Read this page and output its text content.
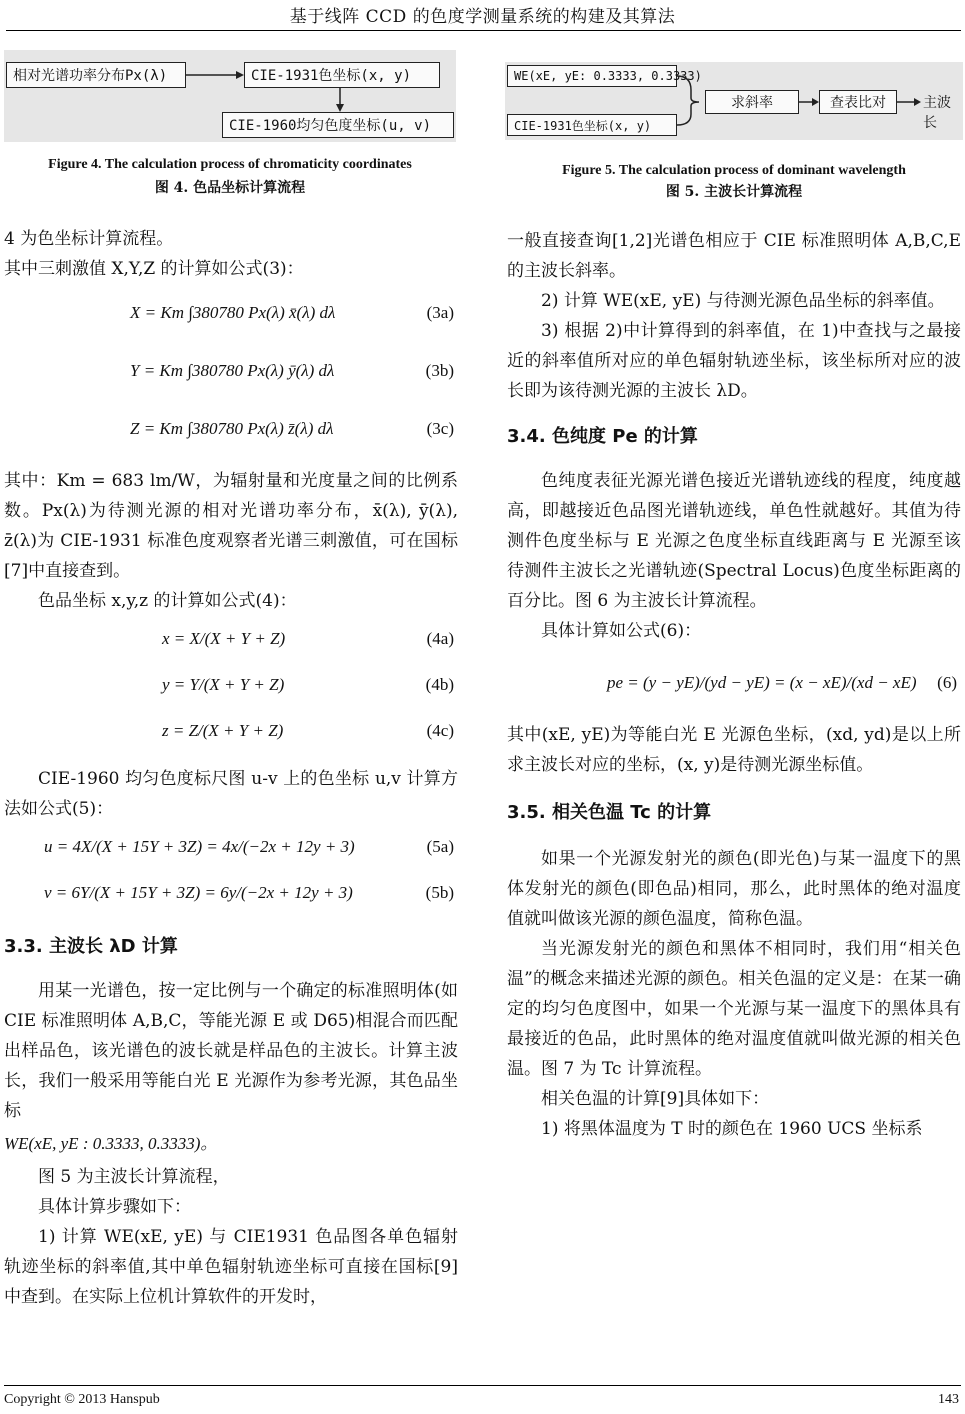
基于线阵 CCD 的色度学测量系统的构建及其算法
相对光谱功率分布Px(λ)	CIE-1931色坐标(x, y)
CIE-1960均匀色度坐标(u, v)
Figure 4. The calculation process of chromaticity coordinates
图 4. 色品坐标计算流程
WE(xE, yE: 0.3333, 0.3333)
CIE-1931色坐标(x, y)
求斜率	查表比对	主波长
Figure 5. The calculation process of dominant wavelength
图 5. 主波长计算流程

4 为色坐标计算流程。

其中三刺激值 X,Y,Z 的计算如公式(3)：

X = Km ∫380780 Px(λ) x̄(λ) dλ	(3a)
Y = Km ∫380780 Px(λ) ȳ(λ) dλ	(3b)
Z = Km ∫380780 Px(λ) z̄(λ) dλ	(3c)

其中：Km = 683 lm/W，为辐射量和光度量之间的比例系数。Px(λ)为待测光源的相对光谱功率分布，x̄(λ), ȳ(λ), z̄(λ)为 CIE-1931 标准色度观察者光谱三刺激值，可在国标[7]中直接查到。

色品坐标 x,y,z 的计算如公式(4)：

x = X/(X + Y + Z)	(4a)
y = Y/(X + Y + Z)	(4b)
z = Z/(X + Y + Z)	(4c)

CIE-1960 均匀色度标尺图 u-v 上的色坐标 u,v 计算方法如公式(5)：

u = 4X/(X + 15Y + 3Z) = 4x/(−2x + 12y + 3)	(5a)
v = 6Y/(X + 15Y + 3Z) = 6y/(−2x + 12y + 3)	(5b)

3.3. 主波长 λD 计算

用某一光谱色，按一定比例与一个确定的标准照明体(如 CIE 标准照明体 A,B,C，等能光源 E 或 D65)相混合而匹配出样品色，该光谱色的波长就是样品色的主波长。计算主波长，我们一般采用等能白光 E 光源作为参考光源，其色品坐标

WE(xE, yE : 0.3333, 0.3333)。

图 5 为主波长计算流程，

具体计算步骤如下：

1) 计算 WE(xE, yE) 与 CIE1931 色品图各单色辐射轨迹坐标的斜率值,其中单色辐射轨迹坐标可直接在国标[9]中查到。在实际上位机计算软件的开发时，

一般直接查询[1,2]光谱色相应于 CIE 标准照明体 A,B,C,E 的主波长斜率。

2) 计算 WE(xE, yE) 与待测光源色品坐标的斜率值。

3) 根据 2)中计算得到的斜率值，在 1)中查找与之最接近的斜率值所对应的单色辐射轨迹坐标，该坐标所对应的波长即为该待测光源的主波长 λD。

3.4. 色纯度 Pe 的计算

色纯度表征光源光谱色接近光谱轨迹线的程度，纯度越高，即越接近色品图光谱轨迹线，单色性就越好。其值为待测件色度坐标与 E 光源之色度坐标直线距离与 E 光源至该待测件主波长之光谱轨迹(Spectral Locus)色度坐标距离的百分比。图 6 为主波长计算流程。

具体计算如公式(6)：

pe = (y − yE)/(yd − yE) = (x − xE)/(xd − xE) (6)

其中(xE, yE)为等能白光 E 光源色坐标，(xd, yd)是以上所求主波长对应的坐标，(x, y)是待测光源坐标值。

3.5. 相关色温 Tc 的计算

如果一个光源发射光的颜色(即光色)与某一温度下的黑体发射光的颜色(即色品)相同，那么，此时黑体的绝对温度值就叫做该光源的颜色温度，简称色温。

当光源发射光的颜色和黑体不相同时，我们用“相关色温”的概念来描述光源的颜色。相关色温的定义是：在某一确定的均匀色度图中，如果一个光源与某一温度下的黑体具有最接近的色品，此时黑体的绝对温度值就叫做光源的相关色温。图 7 为 Tc 计算流程。

相关色温的计算[9]具体如下：

1) 将黑体温度为 T 时的颜色在 1960 UCS 坐标系

Copyright © 2013 Hanspub	143
